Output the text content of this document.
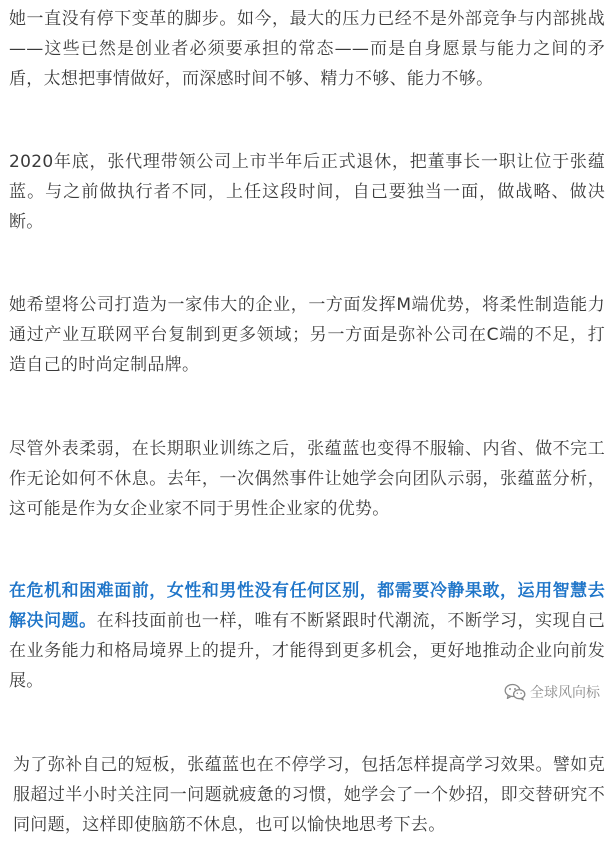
她一直没有停下变革的脚步。如今，最大的压力已经不是外部竞争与内部挑战——这些已然是创业者必须要承担的常态——而是自身愿景与能力之间的矛盾，太想把事情做好，而深感时间不够、精力不够、能力不够。

2020年底，张代理带领公司上市半年后正式退休，把董事长一职让位于张蕴蓝。与之前做执行者不同，上任这段时间，自己要独当一面，做战略、做决断。

她希望将公司打造为一家伟大的企业，一方面发挥M端优势，将柔性制造能力通过产业互联网平台复制到更多领域；另一方面是弥补公司在C端的不足，打造自己的时尚定制品牌。

尽管外表柔弱，在长期职业训练之后，张蕴蓝也变得不服输、内省、做不完工作无论如何不休息。去年，一次偶然事件让她学会向团队示弱，张蕴蓝分析，这可能是作为女企业家不同于男性企业家的优势。

在危机和困难面前，女性和男性没有任何区别，都需要冷静果敢，运用智慧去解决问题。在科技面前也一样，唯有不断紧跟时代潮流，不断学习，实现自己在业务能力和格局境界上的提升，才能得到更多机会，更好地推动企业向前发展。

为了弥补自己的短板，张蕴蓝也在不停学习，包括怎样提高学习效果。譬如克服超过半小时关注同一问题就疲惫的习惯，她学会了一个妙招，即交替研究不同问题，这样即使脑筋不休息，也可以愉快地思考下去。

全球风向标
